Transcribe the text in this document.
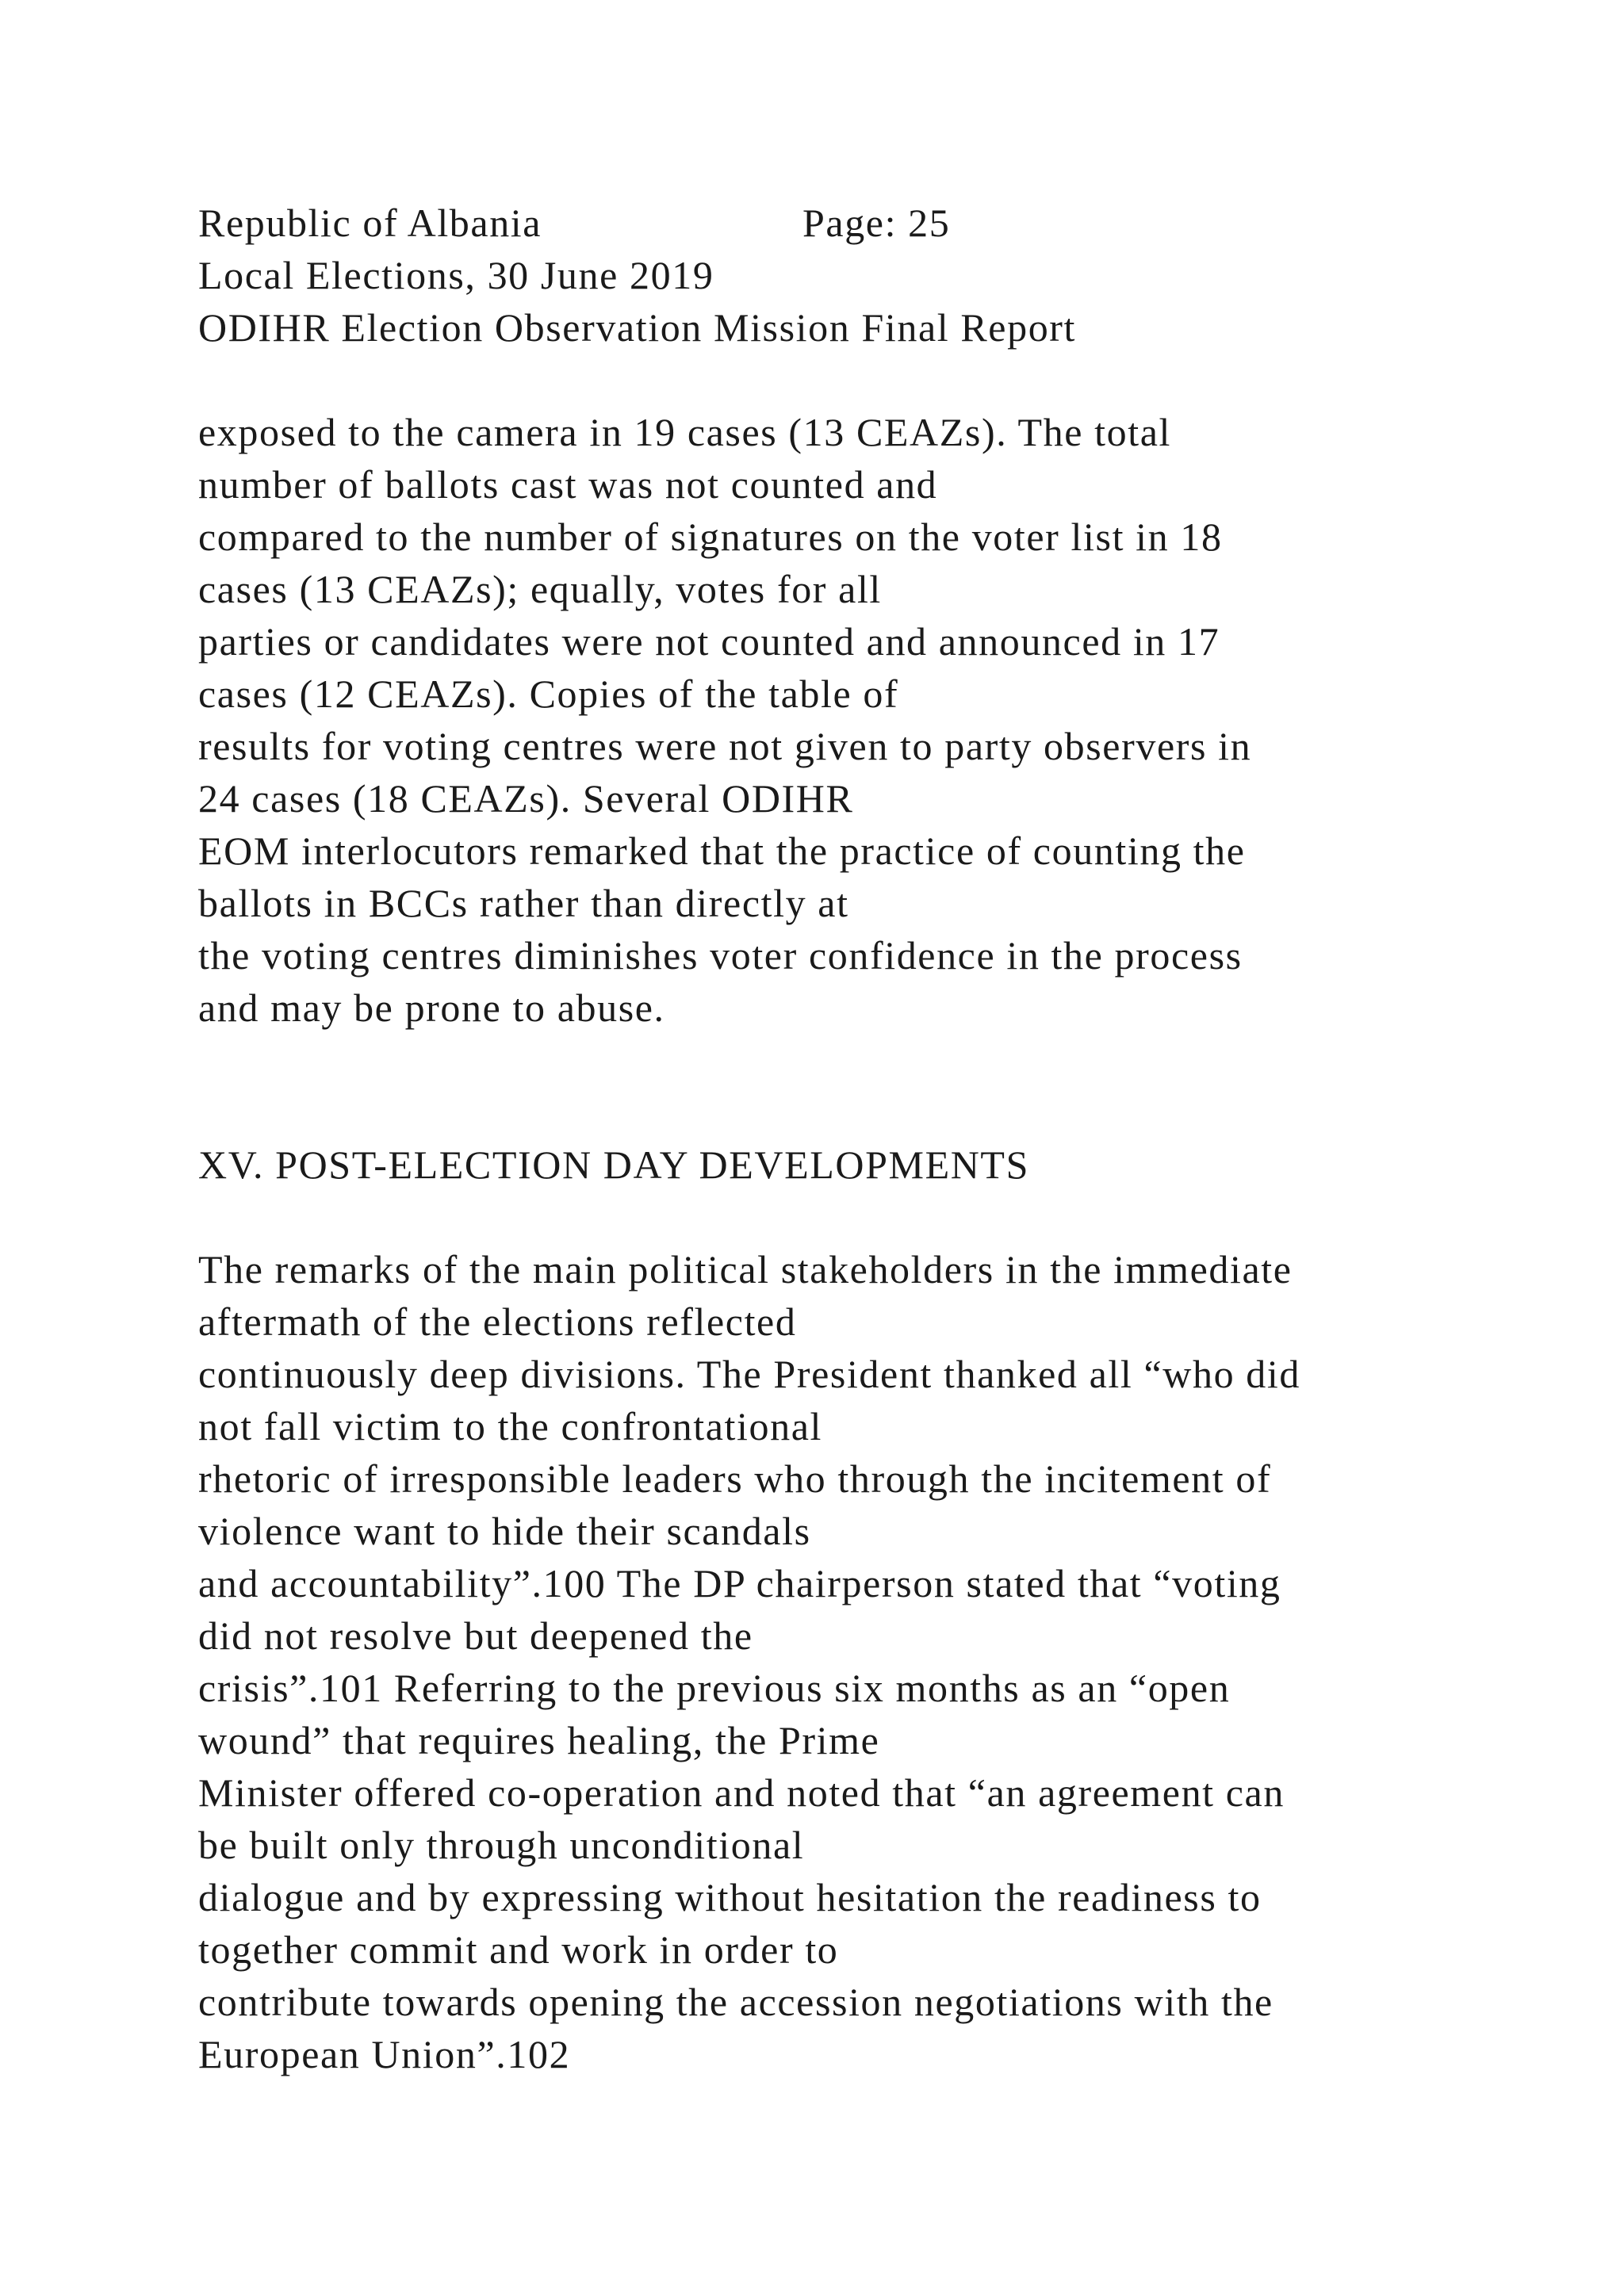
Republic of Albania	Page: 25
Local Elections, 30 June 2019
ODIHR Election Observation Mission Final Report
exposed to the camera in 19 cases (13 CEAZs). The total
number of ballots cast was not counted and
compared to the number of signatures on the voter list in 18
cases (13 CEAZs); equally, votes for all
parties or candidates were not counted and announced in 17
cases (12 CEAZs). Copies of the table of
results for voting centres were not given to party observers in
24 cases (18 CEAZs). Several ODIHR
EOM interlocutors remarked that the practice of counting the
ballots in BCCs rather than directly at
the voting centres diminishes voter confidence in the process
and may be prone to abuse.
XV. POST-ELECTION DAY DEVELOPMENTS
The remarks of the main political stakeholders in the immediate
aftermath of the elections reflected
continuously deep divisions. The President thanked all “who did
not fall victim to the confrontational
rhetoric of irresponsible leaders who through the incitement of
violence want to hide their scandals
and accountability”.100 The DP chairperson stated that “voting
did not resolve but deepened the
crisis”.101 Referring to the previous six months as an “open
wound” that requires healing, the Prime
Minister offered co-operation and noted that “an agreement can
be built only through unconditional
dialogue and by expressing without hesitation the readiness to
together commit and work in order to
contribute towards opening the accession negotiations with the
European Union”.102
